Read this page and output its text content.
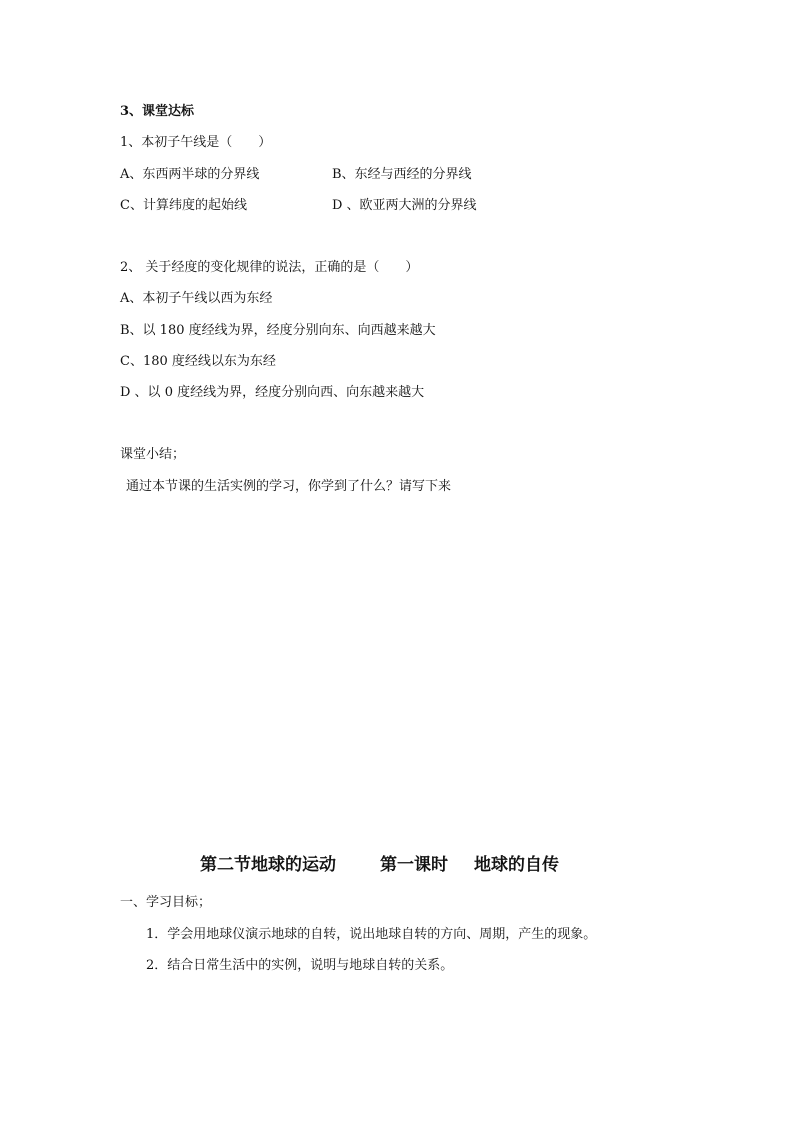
3、课堂达标
1、本初子午线是（　　）
A、东西两半球的分界线	B、东经与西经的分界线
C、计算纬度的起始线	D 、欧亚两大洲的分界线
2、 关于经度的变化规律的说法，正确的是（　　）
A、本初子午线以西为东经
B、以 180 度经线为界，经度分别向东、向西越来越大
C、180 度经线以东为东经
D 、以 0 度经线为界，经度分别向西、向东越来越大
课堂小结；
通过本节课的生活实例的学习，你学到了什么？请写下来
第二节地球的运动	第一课时 地球的自传
一、学习目标；
1．学会用地球仪演示地球的自转，说出地球自转的方向、周期，产生的现象。
2．结合日常生活中的实例，说明与地球自转的关系。
